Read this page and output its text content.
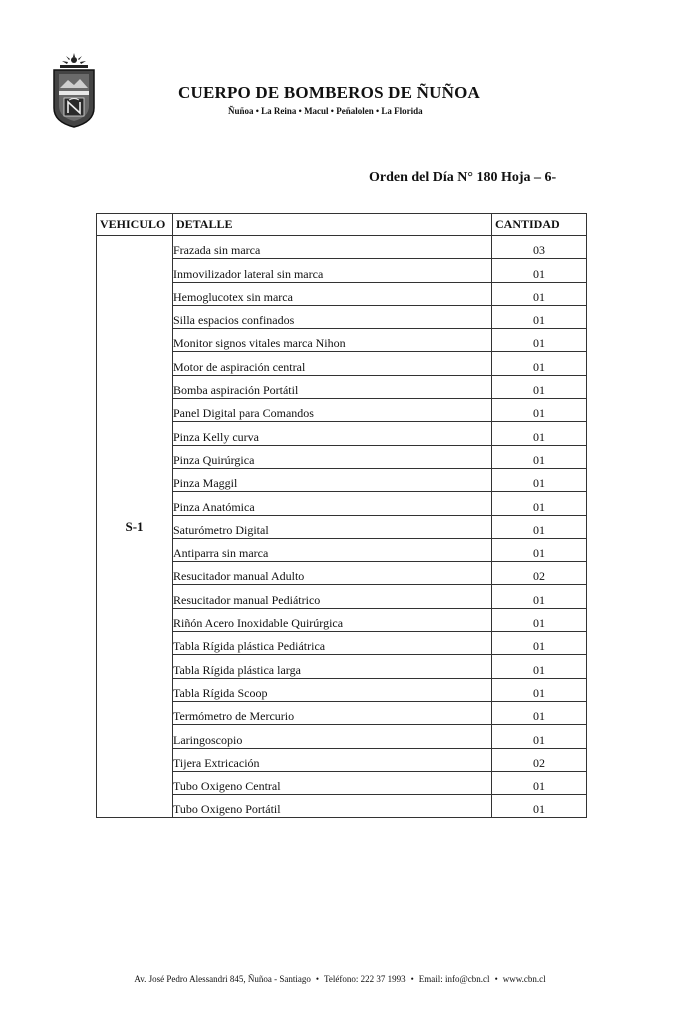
CUERPO DE BOMBEROS DE ÑUÑOA
Ñuñoa • La Reina • Macul • Peñalolen • La Florida
Orden del Día N° 180 Hoja – 6-
VEHICULO	DETALLE	CANTIDAD
S-1	Frazada sin marca	03
	Inmovilizador lateral sin marca	01
	Hemoglucotex sin marca	01
	Silla espacios confinados	01
	Monitor signos vitales marca Nihon	01
	Motor de aspiración central	01
	Bomba aspiración Portátil	01
	Panel Digital para Comandos	01
	Pinza Kelly curva	01
	Pinza Quirúrgica	01
	Pinza Maggil	01
	Pinza Anatómica	01
	Saturómetro Digital	01
	Antiparra sin marca	01
	Resucitador manual Adulto	02
	Resucitador manual Pediátrico	01
	Riñón Acero Inoxidable Quirúrgica	01
	Tabla Rígida plástica Pediátrica	01
	Tabla Rígida plástica larga	01
	Tabla Rígida Scoop	01
	Termómetro de Mercurio	01
	Laringoscopio	01
	Tijera Extricación	02
	Tubo Oxigeno Central	01
	Tubo Oxigeno Portátil	01
Av. José Pedro Alessandri 845, Ñuñoa - Santiago • Teléfono: 222 37 1993 • Email: info@cbn.cl • www.cbn.cl
